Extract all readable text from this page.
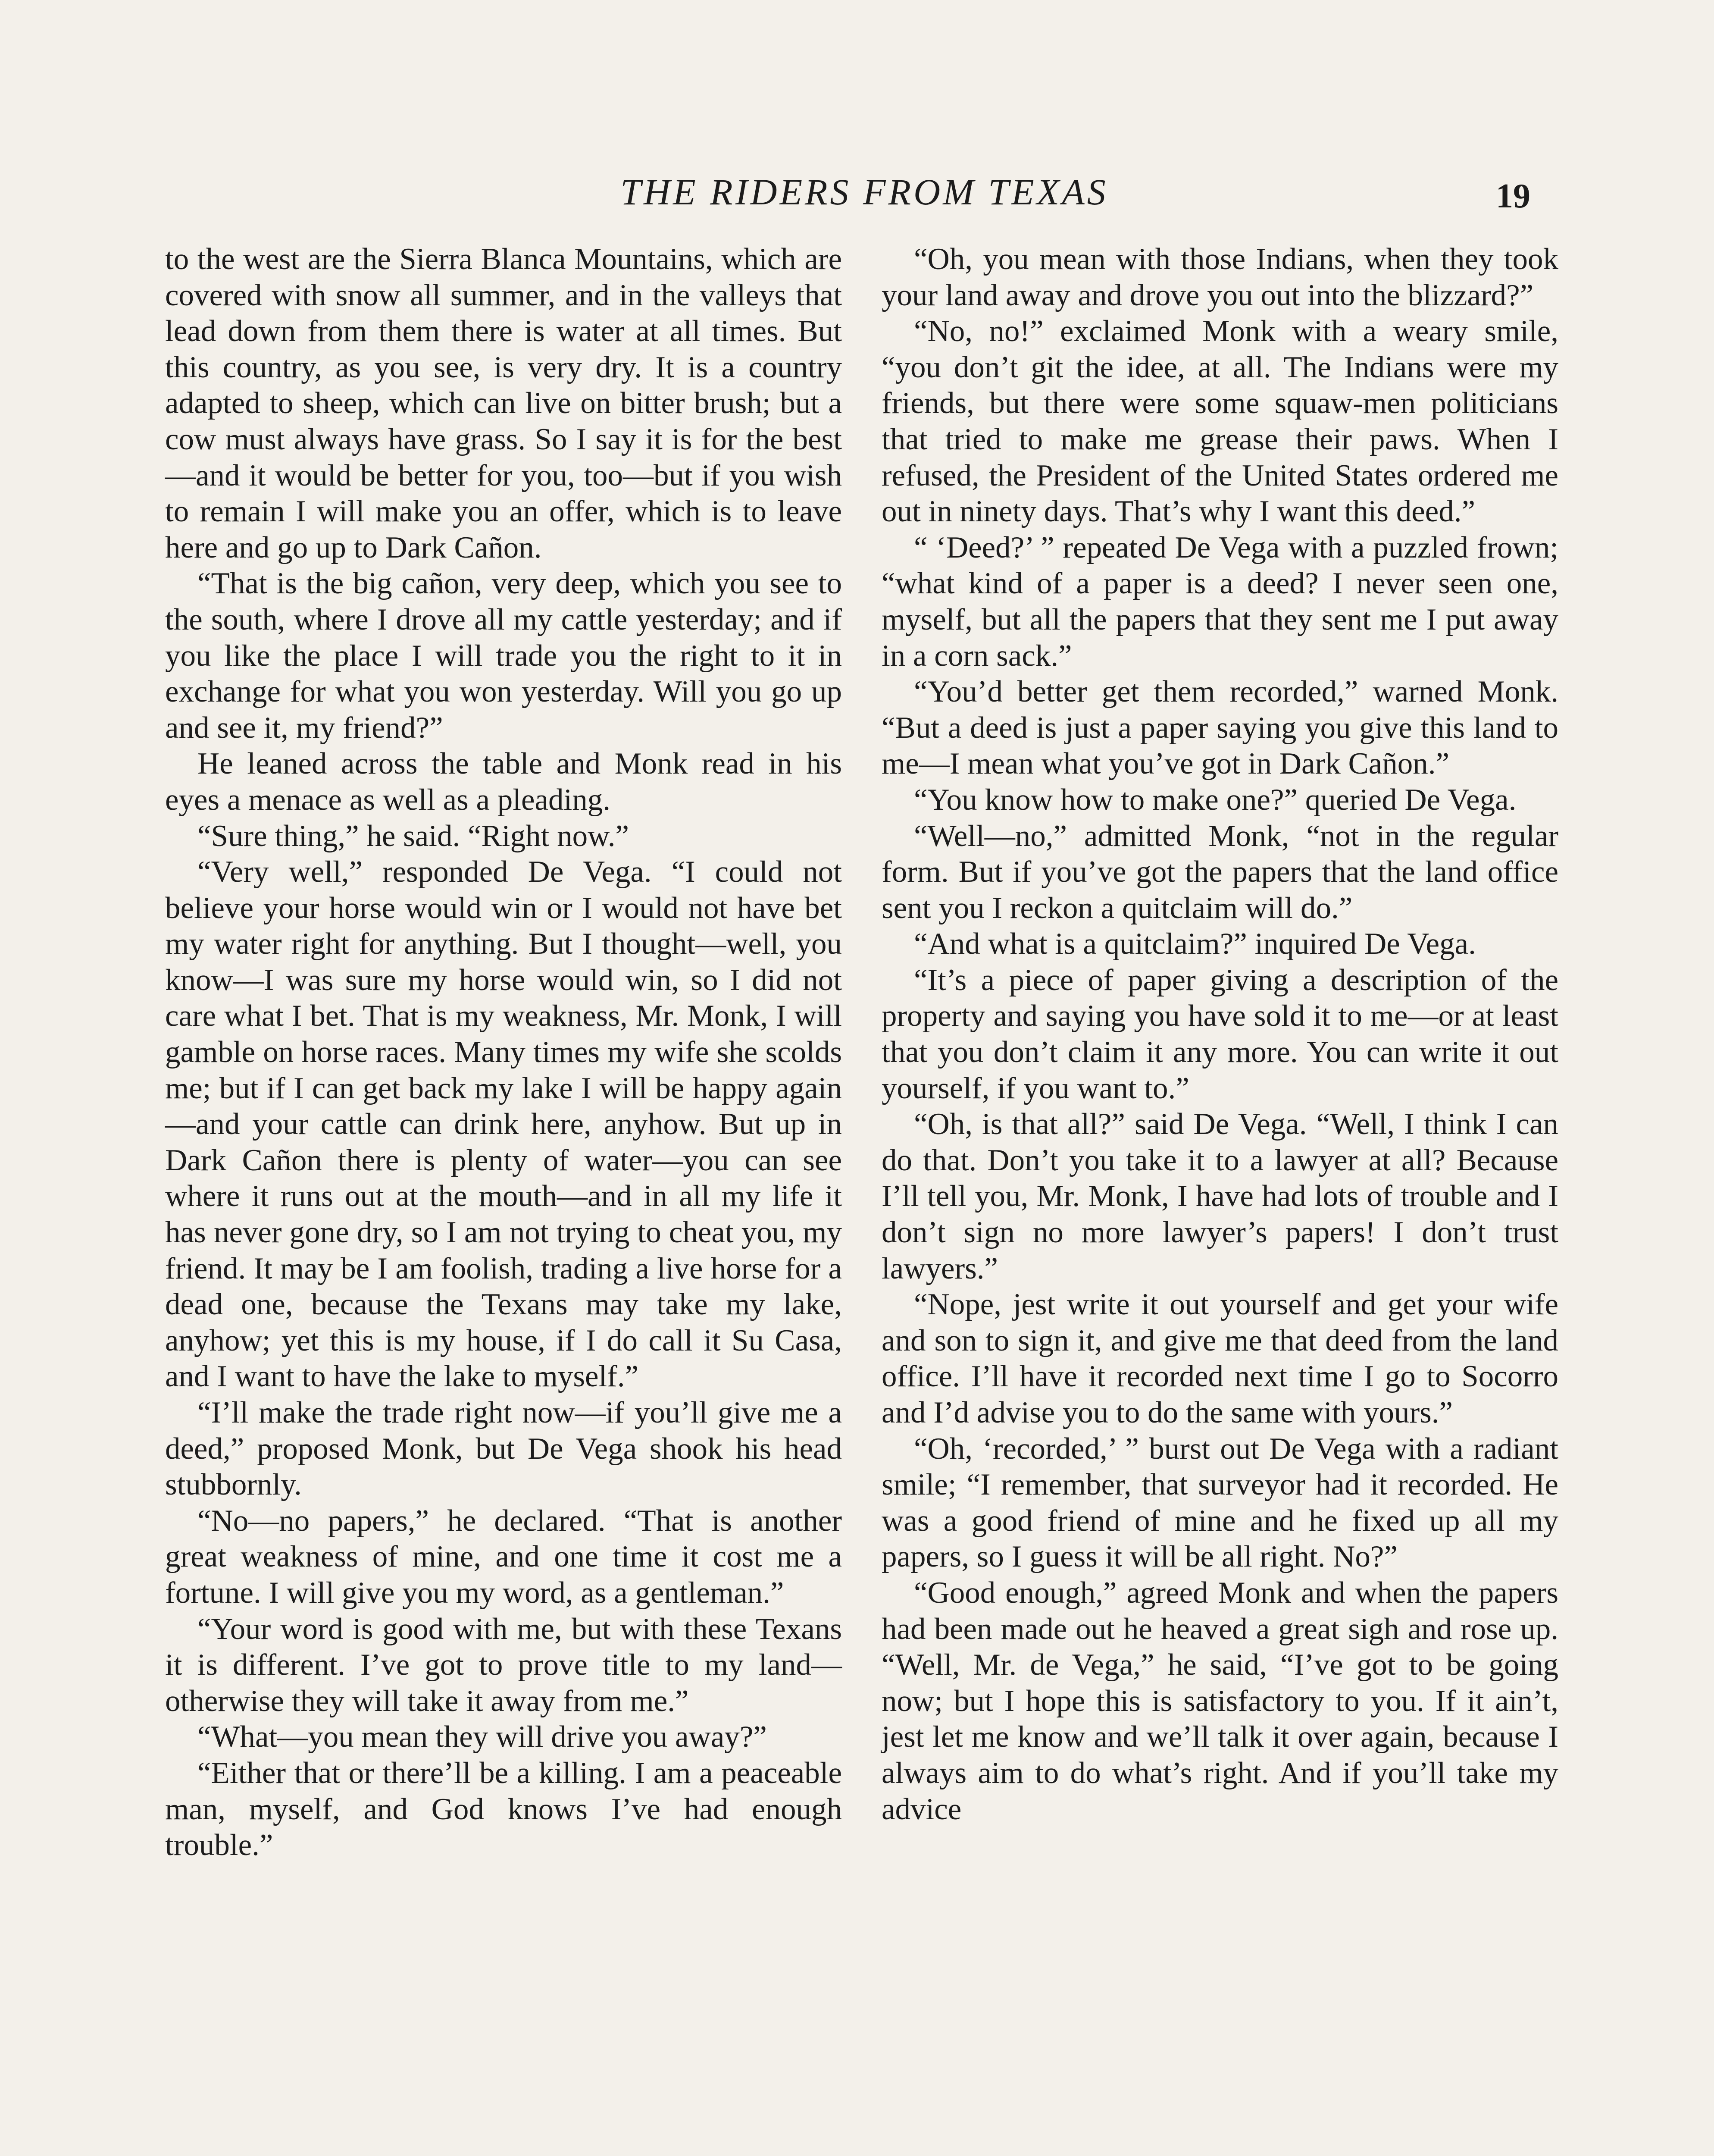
THE RIDERS FROM TEXAS	19

to the west are the Sierra Blanca Mountains, which are covered with snow all summer, and in the valleys that lead down from them there is water at all times. But this country, as you see, is very dry. It is a country adapted to sheep, which can live on bitter brush; but a cow must always have grass. So I say it is for the best—and it would be better for you, too—but if you wish to remain I will make you an offer, which is to leave here and go up to Dark Cañon.

“That is the big cañon, very deep, which you see to the south, where I drove all my cattle yesterday; and if you like the place I will trade you the right to it in exchange for what you won yesterday. Will you go up and see it, my friend?”

He leaned across the table and Monk read in his eyes a menace as well as a pleading.

“Sure thing,” he said. “Right now.”

“Very well,” responded De Vega. “I could not believe your horse would win or I would not have bet my water right for anything. But I thought—well, you know—I was sure my horse would win, so I did not care what I bet. That is my weakness, Mr. Monk, I will gamble on horse races. Many times my wife she scolds me; but if I can get back my lake I will be happy again—and your cattle can drink here, anyhow. But up in Dark Cañon there is plenty of water—you can see where it runs out at the mouth—and in all my life it has never gone dry, so I am not trying to cheat you, my friend. It may be I am foolish, trading a live horse for a dead one, because the Texans may take my lake, anyhow; yet this is my house, if I do call it Su Casa, and I want to have the lake to myself.”

“I’ll make the trade right now—if you’ll give me a deed,” proposed Monk, but De Vega shook his head stubbornly.

“No—no papers,” he declared. “That is another great weakness of mine, and one time it cost me a fortune. I will give you my word, as a gentleman.”

“Your word is good with me, but with these Texans it is different. I’ve got to prove title to my land—otherwise they will take it away from me.”

“What—you mean they will drive you away?”

“Either that or there’ll be a killing. I am a peaceable man, myself, and God knows I’ve had enough trouble.”

“Oh, you mean with those Indians, when they took your land away and drove you out into the blizzard?”

“No, no!” exclaimed Monk with a weary smile, “you don’t git the idee, at all. The Indians were my friends, but there were some squaw-men politicians that tried to make me grease their paws. When I refused, the President of the United States ordered me out in ninety days. That’s why I want this deed.”

“ ‘Deed?’ ” repeated De Vega with a puzzled frown; “what kind of a paper is a deed? I never seen one, myself, but all the papers that they sent me I put away in a corn sack.”

“You’d better get them recorded,” warned Monk. “But a deed is just a paper saying you give this land to me—I mean what you’ve got in Dark Cañon.”

“You know how to make one?” queried De Vega.

“Well—no,” admitted Monk, “not in the regular form. But if you’ve got the papers that the land office sent you I reckon a quitclaim will do.”

“And what is a quitclaim?” inquired De Vega.

“It’s a piece of paper giving a description of the property and saying you have sold it to me—or at least that you don’t claim it any more. You can write it out yourself, if you want to.”

“Oh, is that all?” said De Vega. “Well, I think I can do that. Don’t you take it to a lawyer at all? Because I’ll tell you, Mr. Monk, I have had lots of trouble and I don’t sign no more lawyer’s papers! I don’t trust lawyers.”

“Nope, jest write it out yourself and get your wife and son to sign it, and give me that deed from the land office. I’ll have it recorded next time I go to Socorro and I’d advise you to do the same with yours.”

“Oh, ‘recorded,’ ” burst out De Vega with a radiant smile; “I remember, that surveyor had it recorded. He was a good friend of mine and he fixed up all my papers, so I guess it will be all right. No?”

“Good enough,” agreed Monk and when the papers had been made out he heaved a great sigh and rose up. “Well, Mr. de Vega,” he said, “I’ve got to be going now; but I hope this is satisfactory to you. If it ain’t, jest let me know and we’ll talk it over again, because I always aim to do what’s right. And if you’ll take my advice
